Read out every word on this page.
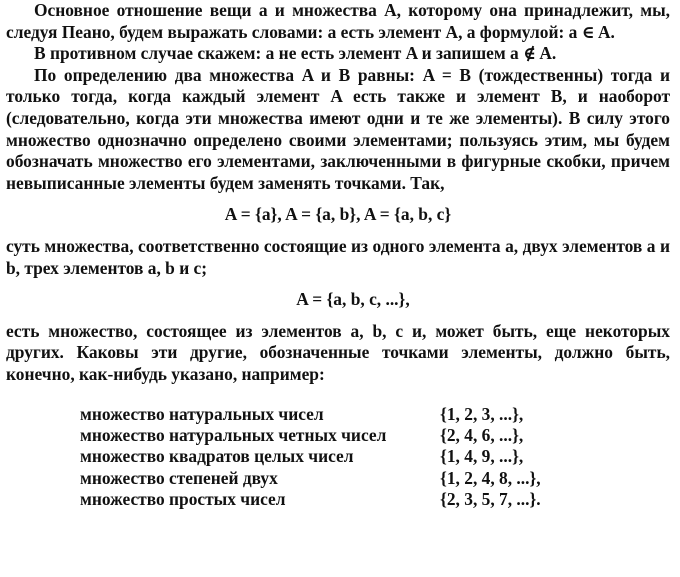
Основное отношение вещи a и множества A, которому она принадлежит, мы, следуя Пеано, будем выражать словами: a есть элемент A, а формулой: a ∈ A.

В противном случае скажем: a не есть элемент A и запишем a ∉ A.

По определению два множества A и B равны: A = B (тождественны) тогда и только тогда, когда каждый элемент A есть также и элемент B, и наоборот (следовательно, когда эти множества имеют одни и те же элементы). В силу этого множество однозначно определено своими элементами; пользуясь этим, мы будем обозначать множество его элементами, заключенными в фигурные скобки, причем невыписанные элементы будем заменять точками. Так,

A = {a}, A = {a, b}, A = {a, b, c}

суть множества, соответственно состоящие из одного элемента a, двух элементов a и b, трех элементов a, b и c;

A = {a, b, c, ...},

есть множество, состоящее из элементов a, b, c и, может быть, еще некоторых других. Каковы эти другие, обозначенные точками элементы, должно быть, конечно, как-нибудь указано, например:

множество натуральных чисел	{1, 2, 3, ...},
множество натуральных четных чисел	{2, 4, 6, ...},
множество квадратов целых чисел	{1, 4, 9, ...},
множество степеней двух	{1, 2, 4, 8, ...},
множество простых чисел	{2, 3, 5, 7, ...}.
